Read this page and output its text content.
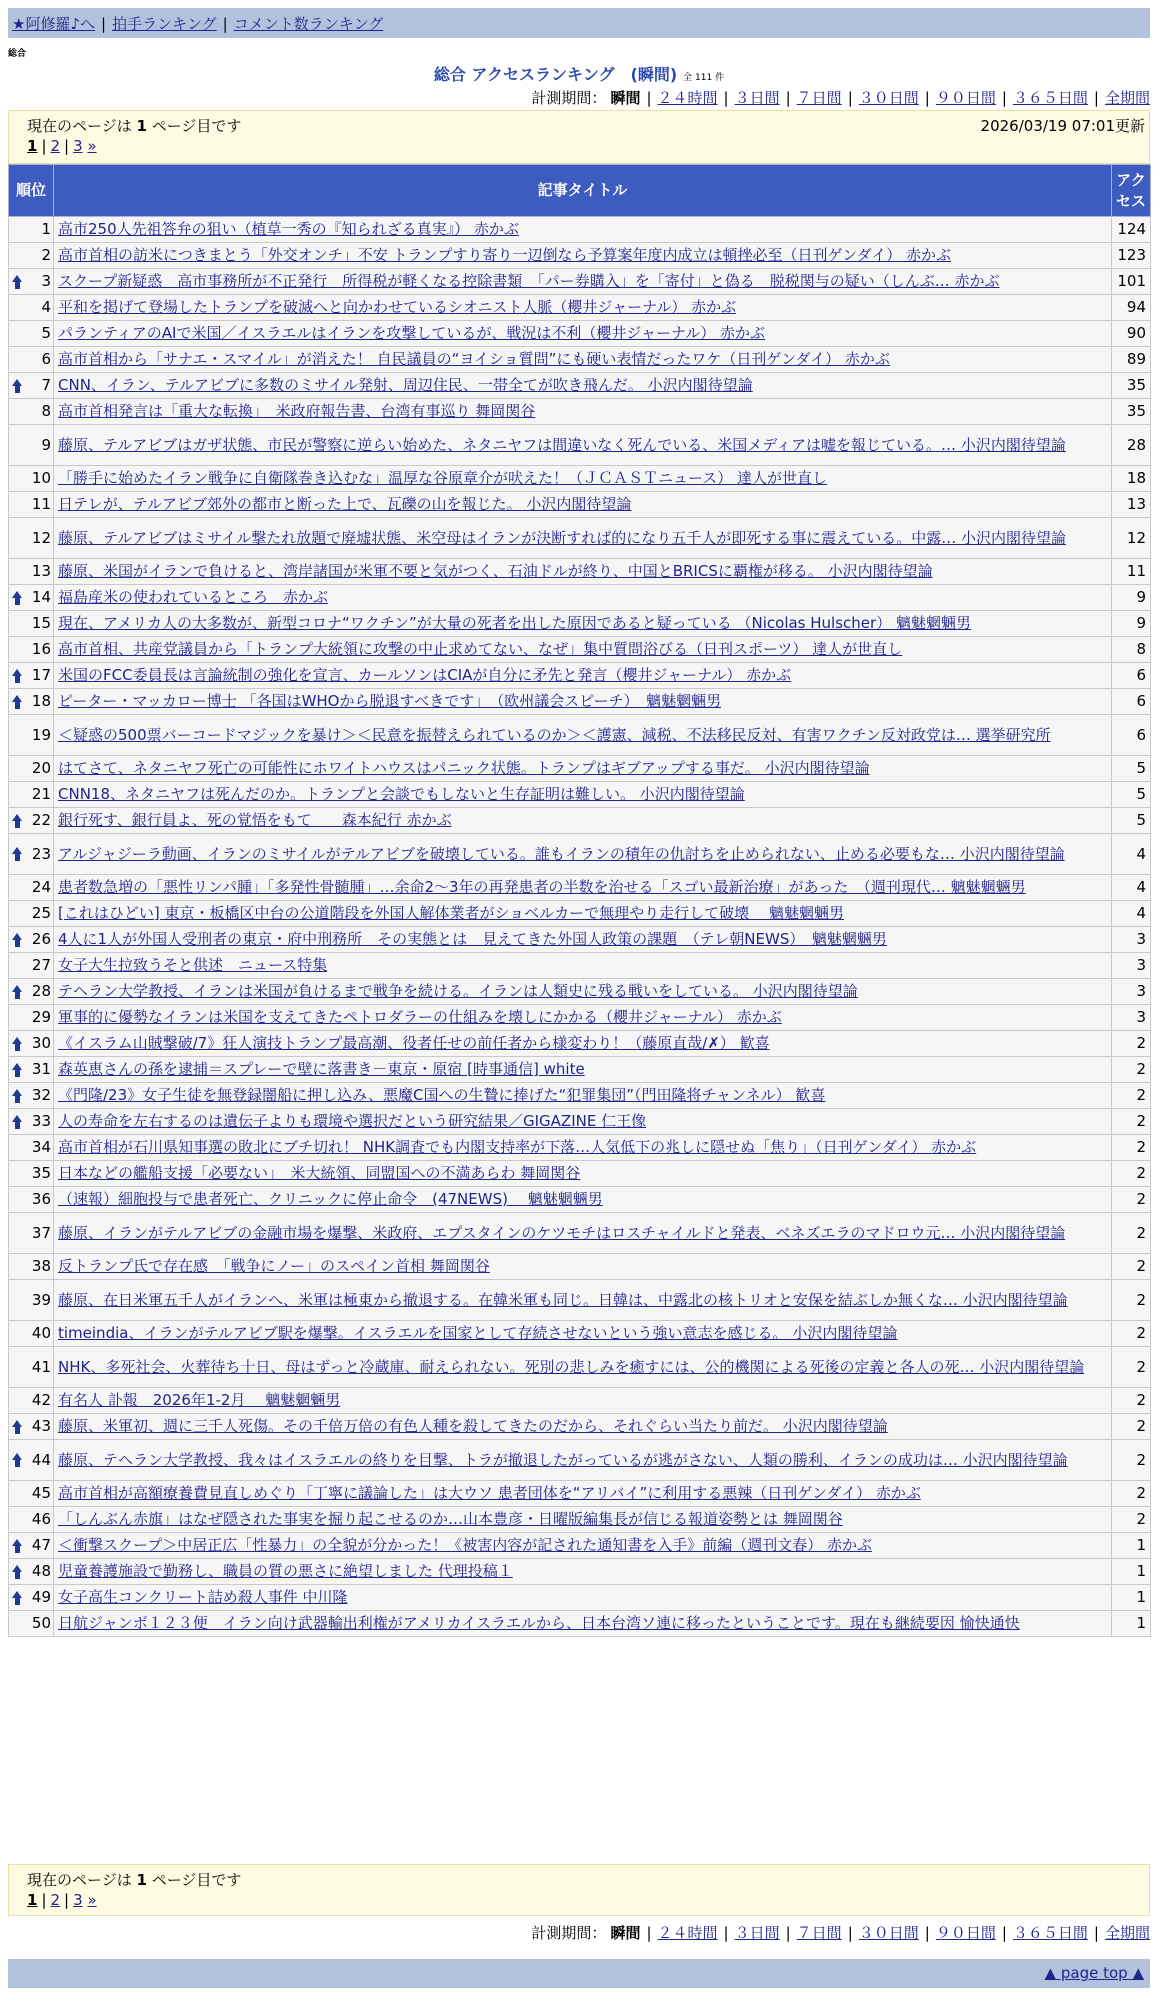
★阿修羅♪へ | 拍手ランキング | コメント数ランキング
総合
総合 アクセスランキング　(瞬間) 全 111 件
計測期間： 瞬間 | ２４時間 | ３日間 | ７日間 | ３０日間 | ９０日間 | ３６５日間 | 全期間
現在のページは 1 ページ目です	2026/03/19 07:01更新
1 | 2 | 3 »
順位	記事タイトル	アクセス
1	高市250人先祖答弁の狙い（植草一秀の『知られざる真実』） 赤かぶ	124
2	高市首相の訪米につきまとう「外交オンチ」不安 トランプすり寄り一辺倒なら予算案年度内成立は頓挫必至（日刊ゲンダイ） 赤かぶ	123

3	スクープ新疑惑　高市事務所が不正発行　所得税が軽くなる控除書類　「パー券購入」を「寄付」と偽る　脱税関与の疑い（しんぶ… 赤かぶ	101
4	平和を掲げて登場したトランプを破滅へと向かわせているシオニスト人脈（櫻井ジャーナル） 赤かぶ	94
5	パランティアのAIで米国／イスラエルはイランを攻撃しているが、戦況は不利（櫻井ジャーナル） 赤かぶ	90
6	高市首相から「サナエ・スマイル」が消えた！ 自民議員の“ヨイショ質問”にも硬い表情だったワケ（日刊ゲンダイ） 赤かぶ	89

7	CNN、イラン、テルアビブに多数のミサイル発射、周辺住民、一帯全てが吹き飛んだ。 小沢内閣待望論	35
8	高市首相発言は「重大な転換」　米政府報告書、台湾有事巡り 舞岡関谷	35
9	藤原、テルアビブはガザ状態、市民が警察に逆らい始めた、ネタニヤフは間違いなく死んでいる、米国メディアは嘘を報じている。… 小沢内閣待望論	28
10	「勝手に始めたイラン戦争に自衛隊巻き込むな」温厚な谷原章介が吠えた！（ＪＣＡＳＴニュース） 達人が世直し	18
11	日テレが、テルアビブ郊外の都市と断った上で、瓦礫の山を報じた。 小沢内閣待望論	13
12	藤原、テルアビブはミサイル撃たれ放題で廃墟状態、米空母はイランが決断すれば的になり五千人が即死する事に震えている。中露… 小沢内閣待望論	12
13	藤原、米国がイランで負けると、湾岸諸国が米軍不要と気がつく、石油ドルが終り、中国とBRICSに覇権が移る。 小沢内閣待望論	11

14	福島産米の使われているところ　赤かぶ	9
15	現在、アメリカ人の大多数が、新型コロナ“ワクチン”が大量の死者を出した原因であると疑っている （Nicolas Hulscher） 魑魅魍魎男	9
16	高市首相、共産党議員から「トランプ大統領に攻撃の中止求めてない、なぜ」集中質問浴びる（日刊スポーツ） 達人が世直し	8

17	米国のFCC委員長は言論統制の強化を宣言、カールソンはCIAが自分に矛先と発言（櫻井ジャーナル） 赤かぶ	6

18	ピーター・マッカロー博士 「各国はWHOから脱退すべきです」　（欧州議会スピーチ）　魑魅魍魎男	6
19	＜疑惑の500票バーコードマジックを暴け＞＜民意を振替えられているのか＞＜護憲、減税、不法移民反対、有害ワクチン反対政党は… 選挙研究所	6
20	はてさて、ネタニヤフ死亡の可能性にホワイトハウスはパニック状態。トランプはギブアップする事だ。 小沢内閣待望論	5
21	CNN18、ネタニヤフは死んだのか。トランプと会談でもしないと生存証明は難しい。 小沢内閣待望論	5

22	銀行死す、銀行員よ、死の覚悟をもて　　森本紀行 赤かぶ	5

23	アルジャジーラ動画、イランのミサイルがテルアビブを破壊している。誰もイランの積年の仇討ちを止められない、止める必要もな… 小沢内閣待望論	4
24	患者数急増の「悪性リンパ腫」「多発性骨髄腫」…余命2～3年の再発患者の半数を治せる「スゴい最新治療」があった　（週刊現代… 魑魅魍魎男	4
25	[これはひどい] 東京・板橋区中台の公道階段を外国人解体業者がショベルカーで無理やり走行して破壊　 魑魅魍魎男	4

26	4人に1人が外国人受刑者の東京・府中刑務所　その実態とは　見えてきた外国人政策の課題　（テレ朝NEWS）　魑魅魍魎男	3
27	女子大生拉致うそと供述　ニュース特集	3

28	テヘラン大学教授、イランは米国が負けるまで戦争を続ける。イランは人類史に残る戦いをしている。 小沢内閣待望論	3
29	軍事的に優勢なイランは米国を支えてきたペトロダラーの仕組みを壊しにかかる（櫻井ジャーナル） 赤かぶ	3

30	《イスラム山賊撃破/7》狂人演技トランプ最高潮、役者任せの前任者から様変わり！（藤原直哉/✗） 歓喜	2

31	森英恵さんの孫を逮捕＝スプレーで壁に落書き－東京・原宿 [時事通信] white	2

32	《門隆/23》女子生徒を無登録闇船に押し込み、悪魔C国への生贄に捧げた“犯罪集団”（門田隆将チャンネル） 歓喜	2

33	人の寿命を左右するのは遺伝子よりも環境や選択だという研究結果／GIGAZINE 仁王像	2
34	高市首相が石川県知事選の敗北にブチ切れ！ NHK調査でも内閣支持率が下落…人気低下の兆しに隠せぬ「焦り」（日刊ゲンダイ） 赤かぶ	2
35	日本などの艦船支援「必要ない」　米大統領、同盟国への不満あらわ 舞岡関谷	2
36	（速報）細胞投与で患者死亡、クリニックに停止命令　(47NEWS)　 魑魅魍魎男	2
37	藤原、イランがテルアビブの金融市場を爆撃、米政府、エプスタインのケツモチはロスチャイルドと発表、ベネズエラのマドロウ元… 小沢内閣待望論	2
38	反トランプ氏で存在感　「戦争にノー」のスペイン首相 舞岡関谷	2
39	藤原、在日米軍五千人がイランへ、米軍は極東から撤退する。在韓米軍も同じ。日韓は、中露北の核トリオと安保を結ぶしか無くな… 小沢内閣待望論	2
40	timeindia、イランがテルアビブ駅を爆撃。イスラエルを国家として存続させないという強い意志を感じる。 小沢内閣待望論	2
41	NHK、多死社会、火葬待ち十日、母はずっと冷蔵庫、耐えられない。死別の悲しみを癒すには、公的機関による死後の定義と各人の死… 小沢内閣待望論	2
42	有名人 訃報　2026年1-2月　 魑魅魍魎男	2

43	藤原、米軍初、週に三千人死傷。その千倍万倍の有色人種を殺してきたのだから、それぐらい当たり前だ。 小沢内閣待望論	2

44	藤原、テヘラン大学教授、我々はイスラエルの終りを目撃、トラが撤退したがっているが逃がさない、人類の勝利、イランの成功は… 小沢内閣待望論	2
45	高市首相が高額療養費見直しめぐり「丁寧に議論した」は大ウソ 患者団体を“アリバイ”に利用する悪辣（日刊ゲンダイ） 赤かぶ	2
46	「しんぶん赤旗」はなぜ隠された事実を掘り起こせるのか…山本豊彦・日曜版編集長が信じる報道姿勢とは 舞岡関谷	2

47	＜衝撃スクープ＞中居正広「性暴力」の全貌が分かった！《被害内容が記された通知書を入手》前編（週刊文春） 赤かぶ	1

48	児童養護施設で勤務し、職員の質の悪さに絶望しました 代理投稿１	1

49	女子高生コンクリート詰め殺人事件 中川隆	1
50	日航ジャンボ１２３便　イラン向け武器輸出利権がアメリカイスラエルから、日本台湾ソ連に移ったということです。現在も継続要因 愉快通快	1
現在のページは 1 ページ目です
1 | 2 | 3 »
計測期間： 瞬間 | ２４時間 | ３日間 | ７日間 | ３０日間 | ９０日間 | ３６５日間 | 全期間
▲ page top ▲
